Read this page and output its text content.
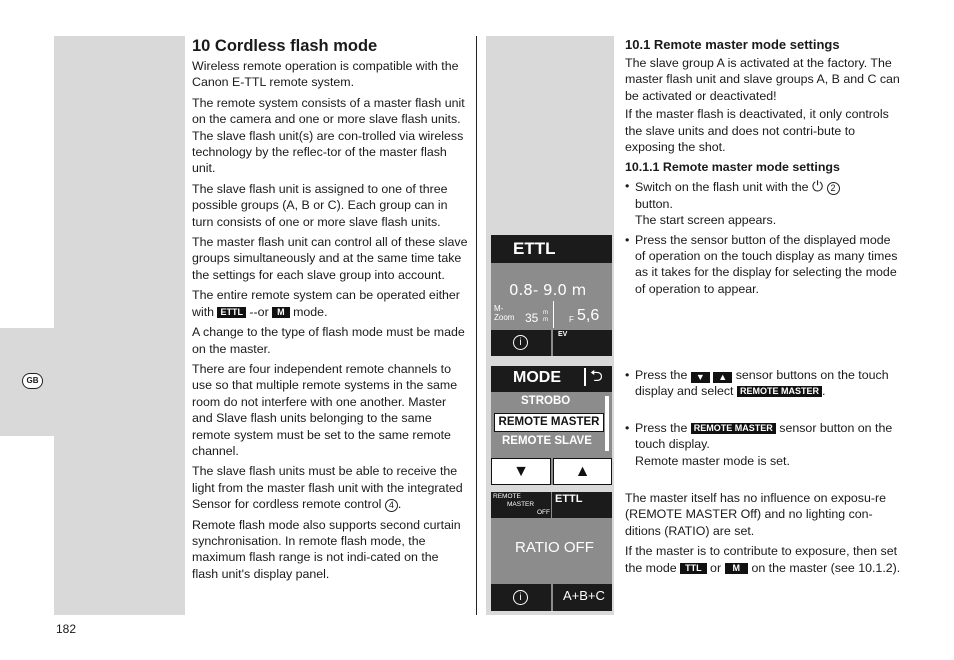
GB
182
10 Cordless flash mode

Wireless remote operation is compatible with the Canon E-TTL remote system.

The remote system consists of a master flash unit on the camera and one or more slave flash units. The slave flash unit(s) are con-trolled via wireless technology by the reflec-tor of the master flash unit.

The slave flash unit is assigned to one of three possible groups (A, B or C). Each group can in turn consists of one or more slave flash units.

The master flash unit can control all of these slave groups simultaneously and at the same time take the settings for each slave group into account.

The entire remote system can be operated either with ETTL --or M mode.

A change to the type of flash mode must be made on the master.

There are four independent remote channels to use so that multiple remote systems in the same room do not interfere with one another. Master and Slave flash units belonging to the same remote system must be set to the same remote channel.

The slave flash units must be able to receive the light from the master flash unit with the integrated Sensor for cordless remote control 4 .

Remote flash mode also supports second curtain synchronisation. In remote flash mode, the maximum flash range is not indi-cated on the flash unit's display panel.

10.1 Remote master mode settings

The slave group A is activated at the factory. The master flash unit and slave groups A, B and C can be activated or deactivated!

If the master flash is deactivated, it only controls the slave units and does not contri-bute to exposing the shot.

10.1.1 Remote master mode settings
• Switch on the flash unit with the ⏻ 2
button.
The start screen appears.
• Press the sensor button of the displayed mode of operation on the touch display as many times as it takes for the display for selecting the mode of operation to appear.
• Press the ▼ ▲ sensor buttons on the touch display and select REMOTE MASTER .
• Press the REMOTE MASTER sensor button on the touch display.
Remote master mode is set.

The master itself has no influence on exposu-re (REMOTE MASTER Off) and no lighting con-ditions (RATIO) are set.

If the master is to contribute to exposure, then set the mode TTL or M on the master (see 10.1.2).

ETTL
0.8- 9.0 m
M-
Zoom 35 m
m	F 5,6
i
EV
MODE	⮌
STROBO
REMOTE MASTER
REMOTE SLAVE
▼	▲
REMOTE
MASTER
OFF
ETTL
RATIO OFF
i	A+B+C
